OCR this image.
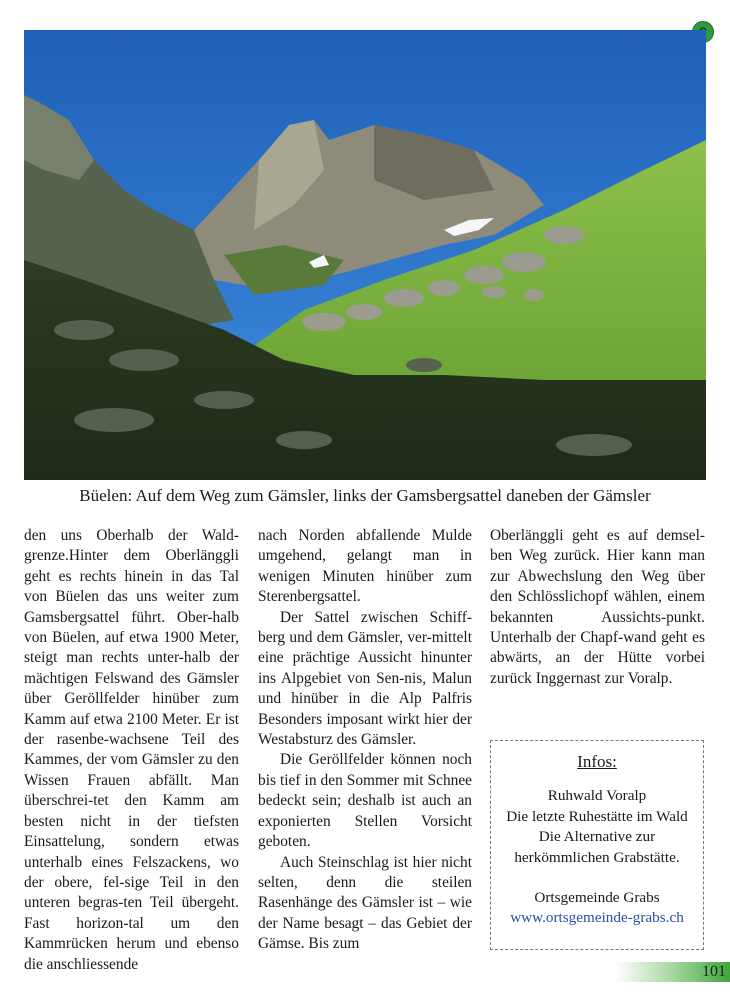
Büelen: Auf dem Weg zum Gämsler, links der Gamsbergsattel daneben der Gämsler

den uns Oberhalb der Wald-grenze.Hinter dem Oberlänggli geht es rechts hinein in das Tal von Büelen das uns weiter zum Gamsbergsattel führt. Ober-halb von Büelen, auf etwa 1900 Meter, steigt man rechts unter-halb der mächtigen Felswand des Gämsler über Geröllfelder hinüber zum Kamm auf etwa 2100 Meter. Er ist der rasenbe-wachsene Teil des Kammes, der vom Gämsler zu den Wissen Frauen abfällt. Man überschrei-tet den Kamm am besten nicht in der tiefsten Einsattelung, sondern etwas unterhalb eines Felszackens, wo der obere, fel-sige Teil in den unteren begras-ten Teil übergeht. Fast horizon-tal um den Kammrücken herum und ebenso die anschliessende

nach Norden abfallende Mulde umgehend, gelangt man in wenigen Minuten hinüber zum Sterenbergsattel.

Der Sattel zwischen Schiff-berg und dem Gämsler, ver-mittelt eine prächtige Aussicht hinunter ins Alpgebiet von Sen-nis, Malun und hinüber in die Alp Palfris Besonders imposant wirkt hier der Westabsturz des Gämsler.

Die Geröllfelder können noch bis tief in den Sommer mit Schnee bedeckt sein; deshalb ist auch an exponierten Stellen Vorsicht geboten.

Auch Steinschlag ist hier nicht selten, denn die steilen Rasenhänge des Gämsler ist – wie der Name besagt – das Gebiet der Gämse. Bis zum

Oberlänggli geht es auf demsel-ben Weg zurück. Hier kann man zur Abwechslung den Weg über den Schlösslichopf wählen, einem bekannten Aussichts-punkt. Unterhalb der Chapf-wand geht es abwärts, an der Hütte vorbei zurück Inggernast zur Voralp.

Infos:
Ruhwald Voralp
Die letzte Ruhestätte im Wald
Die Alternative zur
herkömmlichen Grabstätte.
Ortsgemeinde Grabs
www.ortsgemeinde-grabs.ch
101
